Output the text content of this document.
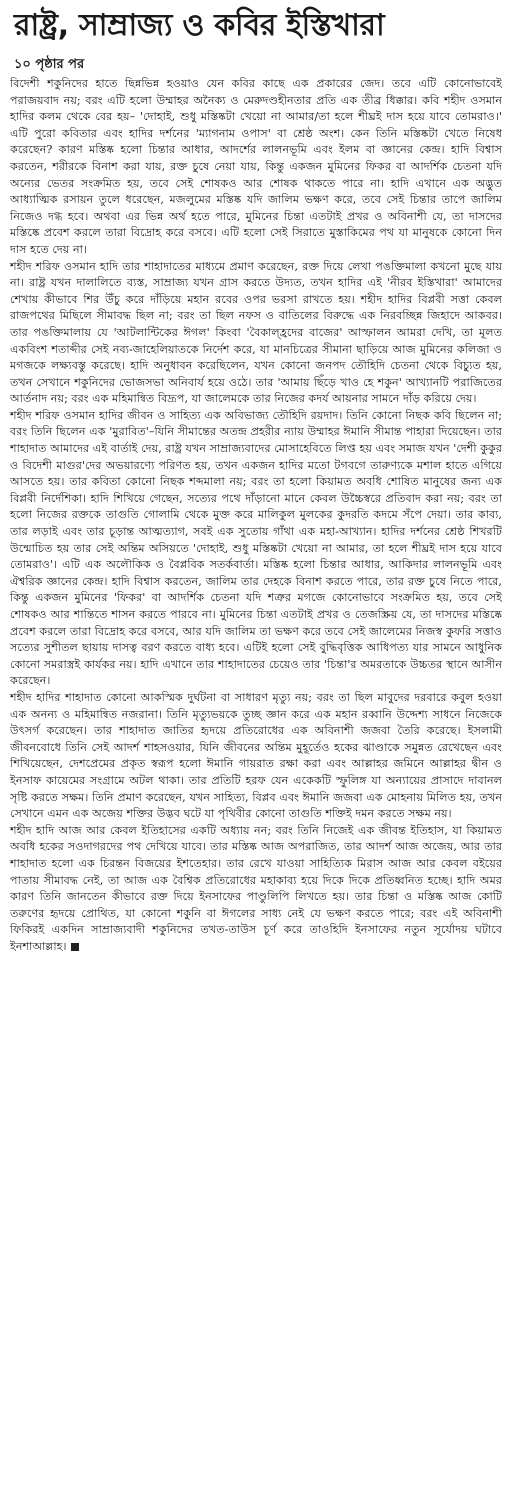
রাষ্ট্র, সাম্রাজ্য ও কবির ইস্তিখারা
১০ পৃষ্ঠার পর

বিদেশী শকুনিদের হাতে ছিন্নভিন্ন হওয়াও যেন কবির কাছে এক প্রকারের জেদ। তবে এটি কোনোভাবেই পরাজয়বাদ নয়; বরং এটি হলো উম্মাহর অনৈক্য ও মেরুদণ্ডহীনতার প্রতি এক তীব্র ধিক্কার। কবি শহীদ ওসমান হাদির কলম থেকে বের হয়– 'দোহাই, শুধু মস্তিষ্কটা খেয়ো না আমার/তা হলে শীঘ্রই দাস হয়ে যাবে তোমরাও।' এটি পুরো কবিতার এবং হাদির দর্শনের 'ম্যাগনাম ওপাস' বা শ্রেষ্ঠ অংশ। কেন তিনি মস্তিষ্কটা খেতে নিষেধ করেছেন? কারণ মস্তিষ্ক হলো চিন্তার আধার, আদর্শের লালনভূমি এবং ইলম বা জ্ঞানের কেন্দ্র। হাদি বিশ্বাস করতেন, শরীরকে বিনাশ করা যায়, রক্ত চুষে নেয়া যায়, কিন্তু একজন মুমিনের ফিকর বা আদর্শিক চেতনা যদি অন্যের ভেতর সংক্রমিত হয়, তবে সেই শোষকও আর শোষক থাকতে পারে না। হাদি এখানে এক অদ্ভুত আধ্যাত্মিক রসায়ন তুলে ধরেছেন, মজলুমের মস্তিষ্ক যদি জালিম ভক্ষণ করে, তবে সেই চিন্তার তাপে জালিম নিজেও দগ্ধ হবে। অথবা এর ভিন্ন অর্থ হতে পারে, মুমিনের চিন্তা এতটাই প্রখর ও অবিনাশী যে, তা দাসদের মস্তিষ্কে প্রবেশ করলে তারা বিদ্রোহ করে বসবে। এটি হলো সেই সিরাতে মুস্তাকিমের পথ যা মানুষকে কোনো দিন দাস হতে দেয় না।

শহীদ শরিফ ওসমান হাদি তার শাহাদাতের মাধ্যমে প্রমাণ করেছেন, রক্ত দিয়ে লেখা পঙক্তিমালা কখনো মুছে যায় না। রাষ্ট্র যখন দালালিতে ব্যস্ত, সাম্রাজ্য যখন গ্রাস করতে উদ্যত, তখন হাদির এই 'নীরব ইস্তিখারা' আমাদের শেখায় কীভাবে শির উঁচু করে দাঁড়িয়ে মহান রবের ওপর ভরসা রাখতে হয়। শহীদ হাদির বিপ্লবী সত্তা কেবল রাজপথের মিছিলে সীমাবদ্ধ ছিল না; বরং তা ছিল নফস ও বাতিলের বিরুদ্ধে এক নিরবচ্ছিন্ন জিহাদে আকবর। তার পঙক্তিমালায় যে 'আটলান্টিকের ঈগল' কিংবা 'বৈকাল্হ্রদের বাজের' আস্ফালন আমরা দেখি, তা মূলত একবিংশ শতাব্দীর সেই নব্য-জাহেলিয়াতকে নির্দেশ করে, যা মানচিত্রের সীমানা ছাড়িয়ে আজ মুমিনের কলিজা ও মগজকে লক্ষ্যবস্তু করেছে। হাদি অনুধাবন করেছিলেন, যখন কোনো জনপদ তৌহিদি চেতনা থেকে বিচ্যুত হয়, তখন সেখানে শকুনিদের ভোজসভা অনিবার্য হয়ে ওঠে। তার 'আমায় ছিঁড়ে খাও হে শকুন' আখ্যানটি পরাজিতের আর্তনাদ নয়; বরং এক মহিমান্বিত বিদ্রূপ, যা জালেমকে তার নিজের কদর্য আয়নার সামনে দাঁড় করিয়ে দেয়।

শহীদ শরিফ ওসমান হাদির জীবন ও সাহিত্য এক অবিভাজ্য তৌহিদি রয়দাদ। তিনি কোনো নিছক কবি ছিলেন না; বরং তিনি ছিলেন এক 'মুরাবিত'–যিনি সীমান্তের অতন্দ্র প্রহরীর ন্যায় উম্মাহর ঈমানি সীমান্ত পাহারা দিয়েছেন। তার শাহাদাত আমাদের এই বার্তাই দেয়, রাষ্ট্র যখন সাম্রাজ্যবাদের মোসাহেবিতে লিপ্ত হয় এবং সমাজ যখন 'দেশী কুকুর ও বিদেশী মাগুর'দের অভয়ারণ্যে পরিণত হয়, তখন একজন হাদির মতো টগবগে তারুণ্যকে মশাল হাতে এগিয়ে আসতে হয়। তার কবিতা কোনো নিছক শব্দমালা নয়; বরং তা হলো কিয়ামত অবধি শোষিত মানুষের জন্য এক বিপ্লবী নির্দেশিকা। হাদি শিখিয়ে গেছেন, সত্যের পথে দাঁড়ানো মানে কেবল উচ্চৈস্বরে প্রতিবাদ করা নয়; বরং তা হলো নিজের রক্তকে তাগুতি গোলামি থেকে মুক্ত করে মালিকুল মুলকের কুদরতি কদমে সঁপে দেয়া। তার কাব্য, তার লড়াই এবং তার চূড়ান্ত আত্মত্যাগ, সবই এক সুতোয় গাঁথা এক মহা-আখ্যান। হাদির দর্শনের শ্রেষ্ঠ শিখরটি উন্মোচিত হয় তার সেই অন্তিম অসিয়তে 'দোহাই, শুধু মস্তিষ্কটা খেয়ো না আমার, তা হলে শীঘ্রই দাস হয়ে যাবে তোমরাও'। এটি এক অলৌকিক ও বৈপ্লবিক সতর্কবার্তা। মস্তিষ্ক হলো চিন্তার আধার, আকিদার লালনভূমি এবং ঐশ্বরিক জ্ঞানের কেন্দ্র। হাদি বিশ্বাস করতেন, জালিম তার দেহকে বিনাশ করতে পারে, তার রক্ত চুষে নিতে পারে, কিন্তু একজন মুমিনের 'ফিকর' বা আদর্শিক চেতনা যদি শত্রুর মগজে কোনোভাবে সংক্রমিত হয়, তবে সেই শোষকও আর শান্তিতে শাসন করতে পারবে না। মুমিনের চিন্তা এতটাই প্রখর ও তেজস্ক্রিয় যে, তা দাসদের মস্তিষ্কে প্রবেশ করলে তারা বিদ্রোহ করে বসবে, আর যদি জালিম তা ভক্ষণ করে তবে সেই জালেমের নিজস্ব কুফরি সত্তাও সত্যের সুশীতল ছায়ায় দাসত্ব বরণ করতে বাধ্য হবে। এটিই হলো সেই বুদ্ধিবৃত্তিক আধিপত্য যার সামনে আধুনিক কোনো সমরাস্ত্রই কার্যকর নয়। হাদি এখানে তার শাহাদাতের চেয়েও তার 'চিন্তা'র অমরতাকে উচ্চতর স্থানে আসীন করেছেন।

শহীদ হাদির শাহাদাত কোনো আকস্মিক দুর্ঘটনা বা সাধারণ মৃত্যু নয়; বরং তা ছিল মাবুদের দরবারে কবুল হওয়া এক অনন্য ও মহিমান্বিত নজরানা। তিনি মৃত্যুভয়কে তুচ্ছ জ্ঞান করে এক মহান রব্বানি উদ্দেশ্য সাধনে নিজেকে উৎসর্গ করেছেন। তার শাহাদাত জাতির হৃদয়ে প্রতিরোধের এক অবিনাশী জজবা তৈরি করেছে। ইসলামী জীবনবোধে তিনি সেই আদর্শ শাহসওয়ার, যিনি জীবনের অন্তিম মুহূর্তেও হকের ঝাণ্ডাকে সমুন্নত রেখেছেন এবং শিখিয়েছেন, দেশপ্রেমের প্রকৃত স্বরূপ হলো ঈমানি গায়রাত রক্ষা করা এবং আল্লাহর জমিনে আল্লাহর দ্বীন ও ইনসাফ কায়েমের সংগ্রামে অটল থাকা। তার প্রতিটি হরফ যেন একেকটি স্ফুলিঙ্গ যা অন্যায়ের প্রাসাদে দাবানল সৃষ্টি করতে সক্ষম। তিনি প্রমাণ করেছেন, যখন সাহিত্য, বিপ্লব এবং ঈমানি জজবা এক মোহনায় মিলিত হয়, তখন সেখানে এমন এক অজেয় শক্তির উদ্ভব ঘটে যা পৃথিবীর কোনো তাগুতি শক্তিই দমন করতে সক্ষম নয়।

শহীদ হাদি আজ আর কেবল ইতিহাসের একটি অধ্যায় নন; বরং তিনি নিজেই এক জীবন্ত ইতিহাস, যা কিয়ামত অবধি হকের সওদাগরদের পথ দেখিয়ে যাবে। তার মস্তিষ্ক আজ অপরাজিত, তার আদর্শ আজ অজেয়, আর তার শাহাদাত হলো এক চিরন্তন বিজয়ের ইশতেহার। তার রেখে যাওয়া সাহিত্যিক মিরাস আজ আর কেবল বইয়ের পাতায় সীমাবদ্ধ নেই, তা আজ এক বৈশ্বিক প্রতিরোধের মহাকাব্য হয়ে দিকে দিকে প্রতিধ্বনিত হচ্ছে। হাদি অমর কারণ তিনি জানতেন কীভাবে রক্ত দিয়ে ইনসাফের পাণ্ডুলিপি লিখতে হয়। তার চিন্তা ও মস্তিষ্ক আজ কোটি তরুণের হৃদয়ে প্রোথিত, যা কোনো শকুনি বা ঈগলের সাধ্য নেই যে ভক্ষণ করতে পারে; বরং এই অবিনাশী ফিকিরই একদিন সাম্রাজ্যবাদী শকুনিদের তখত-তাউস চূর্ণ করে তাওহিদি ইনসাফের নতুন সূর্যোদয় ঘটাবে ইনশাআল্লাহ।
